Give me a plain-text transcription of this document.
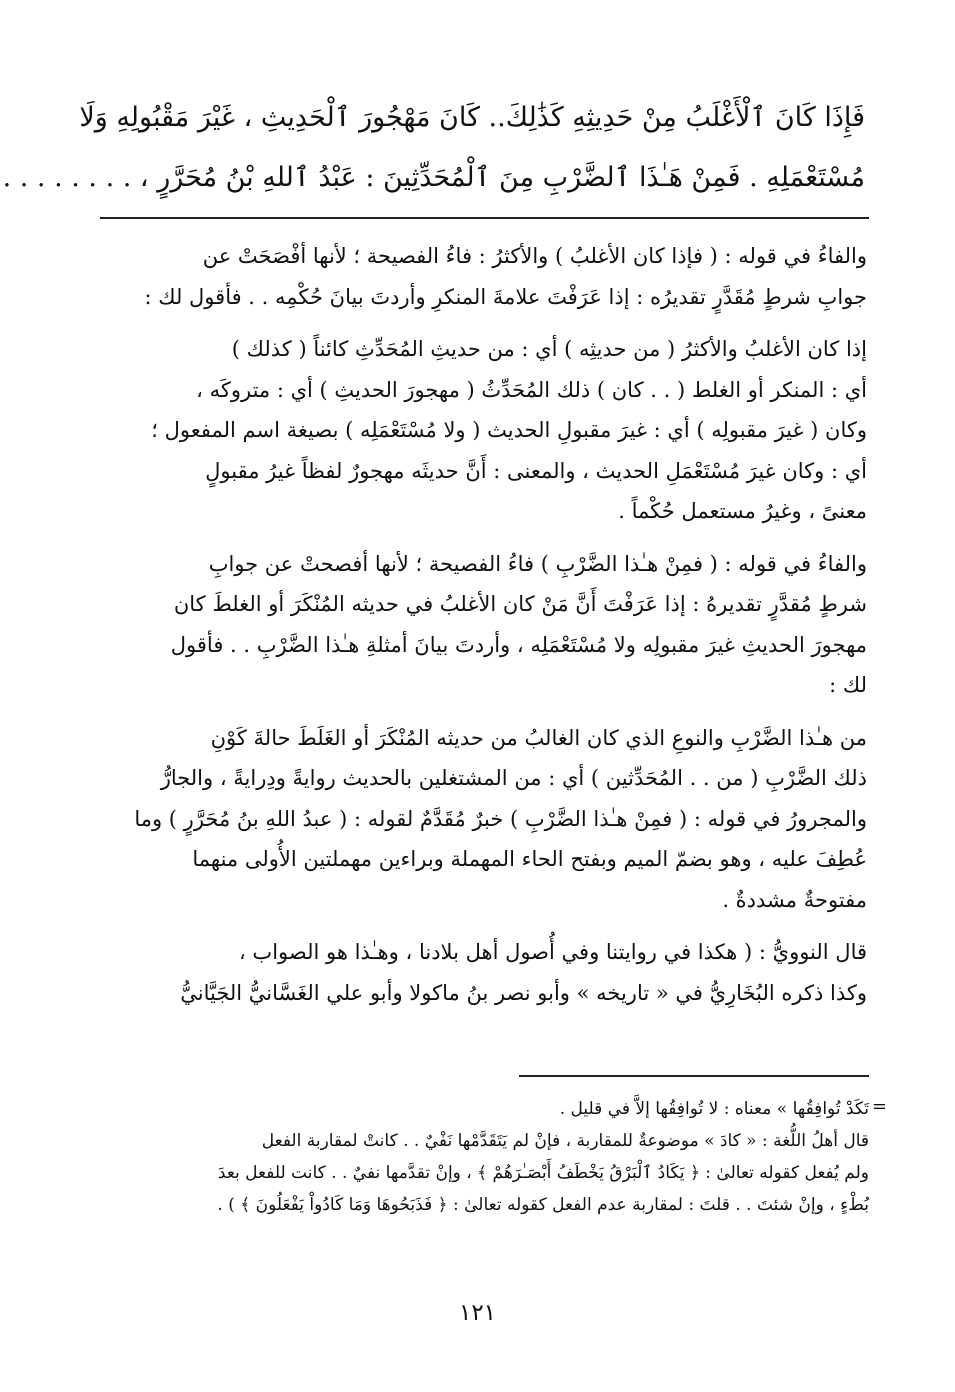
فَإِذَا كَانَ ٱلْأَغْلَبُ مِنْ حَدِيثِهِ كَذَٰلِكَ.. كَانَ مَهْجُورَ ٱلْحَدِيثِ ، غَيْرَ مَقْبُولِهِ وَلَا
مُسْتَعْمَلِهِ . فَمِنْ هَـٰذَا ٱلضَّرْبِ مِنَ ٱلْمُحَدِّثِينَ : عَبْدُ ٱللهِ بْنُ مُحَرَّرٍ ، . . . . . . . .
والفاءُ في قوله : ( فإذا كان الأغلبُ ) والأكثرُ : فاءُ الفصيحة ؛ لأنها أفْصَحَتْ عن
جوابِ شرطٍ مُقَدَّرٍ تقديرُه : إذا عَرَفْتَ علامةَ المنكرِ وأردتَ بيانَ حُكْمِه . . فأقول لك :
إذا كان الأغلبُ والأكثرُ ( من حديثِه ) أي : من حديثِ المُحَدِّثِ كائناً ( كذلك )
أي : المنكر أو الغلط ( . . كان ) ذلك المُحَدِّثُ ( مهجورَ الحديثِ ) أي : متروكَه ،
وكان ( غيرَ مقبولِه ) أي : غيرَ مقبولِ الحديث ( ولا مُسْتَعْمَلِه ) بصيغة اسم المفعول ؛
أي : وكان غيرَ مُسْتَعْمَلِ الحديث ، والمعنى : أَنَّ حديثَه مهجورٌ لفظاً غيرُ مقبولٍ
معنىً ، وغيرُ مستعمل حُكْماً .
والفاءُ في قوله : ( فمِنْ هـٰذا الضَّرْبِ ) فاءُ الفصيحة ؛ لأنها أفصحتْ عن جوابِ
شرطٍ مُقدَّرٍ تقديرهُ : إذا عَرَفْتَ أَنَّ مَنْ كان الأغلبُ في حديثه المُنْكَرَ أو الغلطَ كان
مهجورَ الحديثِ غيرَ مقبولِه ولا مُسْتَعْمَلِه ، وأردتَ بيانَ أمثلةِ هـٰذا الضَّرْبِ . . فأقول
لك :
من هـٰذا الضَّرْبِ والنوعِ الذي كان الغالبُ من حديثه المُنْكَرَ أو الغَلَطَ حالةَ كَوْنِ
ذلك الضَّرْبِ ( من . . المُحَدِّثين ) أي : من المشتغلين بالحديث روايةً ودِرايةً ، والجارُّ
والمجرورُ في قوله : ( فمِنْ هـٰذا الضَّرْبِ ) خبرٌ مُقَدَّمٌ لقوله : ( عبدُ اللهِ بنُ مُحَرَّرٍ ) وما
عُطِفَ عليه ، وهو بضمّ الميم وبفتح الحاء المهملة وبراءين مهملتين الأُولى منهما
مفتوحةٌ مشددةٌ .
قال النوويُّ : ( هكذا في روايتنا وفي أُصول أهل بلادنا ، وهـٰذا هو الصواب ،
وكذا ذكره البُخَارِيُّ في « تاريخه » وأبو نصر بنُ ماكولا وأبو علي الغَسَّانيُّ الجَيَّانيُّ
=
تَكَدْ تُوافِقُها » معناه : لا تُوافِقُها إلاَّ في قليل .
قال أهلُ اللُّغة : « كادَ » موضوعةٌ للمقاربة ، فإنْ لم يَتَقَدَّمْها نَفْيٌ . . كانتْ لمقاربة الفعل
ولم يُفعل كقوله تعالىٰ : ﴿ يَكَادُ ٱلْبَرْقُ يَخْطَفُ أَبْصَـٰرَهُمْ ﴾ ، وإنْ تقدَّمها نفيٌ . . كانت للفعل بعدَ
بُطْءٍ ، وإنْ شئتَ . . قلتَ : لمقاربة عدم الفعل كقوله تعالىٰ : ﴿ فَذَبَحُوهَا وَمَا كَادُواْ يَفْعَلُونَ ﴾ ) .
١٢١
